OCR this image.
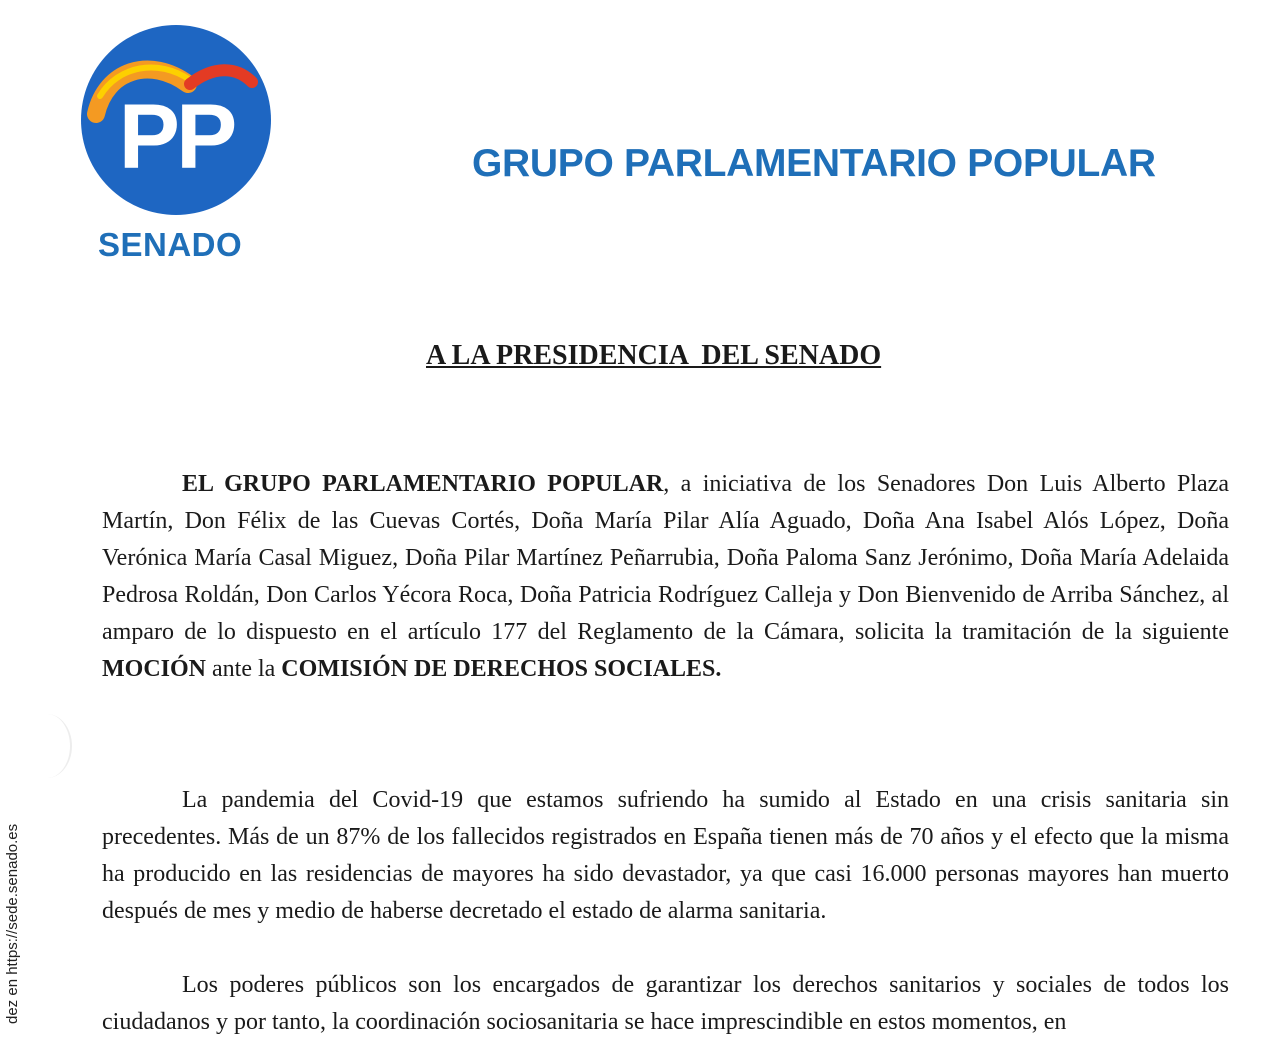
PP
SENADO
GRUPO PARLAMENTARIO POPULAR
A LA PRESIDENCIA  DEL SENADO
EL GRUPO PARLAMENTARIO POPULAR, a iniciativa de los Senadores Don Luis Alberto Plaza Martín, Don Félix de las Cuevas Cortés, Doña María Pilar Alía Aguado, Doña Ana Isabel Alós López, Doña Verónica María Casal Miguez, Doña Pilar Martínez Peñarrubia, Doña Paloma Sanz Jerónimo, Doña María Adelaida Pedrosa Roldán, Don Carlos Yécora Roca, Doña Patricia Rodríguez Calleja y Don Bienvenido de Arriba Sánchez, al amparo de lo dispuesto en el artículo 177 del Reglamento de la Cámara, solicita la tramitación de la siguiente MOCIÓN ante la COMISIÓN DE DERECHOS SOCIALES.
La pandemia del Covid-19 que estamos sufriendo ha sumido al Estado en una crisis sanitaria sin precedentes. Más de un 87% de los fallecidos registrados en España tienen más de 70 años y el efecto que la misma ha producido en las residencias de mayores ha sido devastador, ya que casi 16.000 personas mayores han muerto después de mes y medio de haberse decretado el estado de alarma sanitaria.
Los poderes públicos son los encargados de garantizar los derechos sanitarios y sociales de todos los ciudadanos y por tanto, la coordinación sociosanitaria se hace imprescindible en estos momentos, en
dez en https://sede.senado.es
